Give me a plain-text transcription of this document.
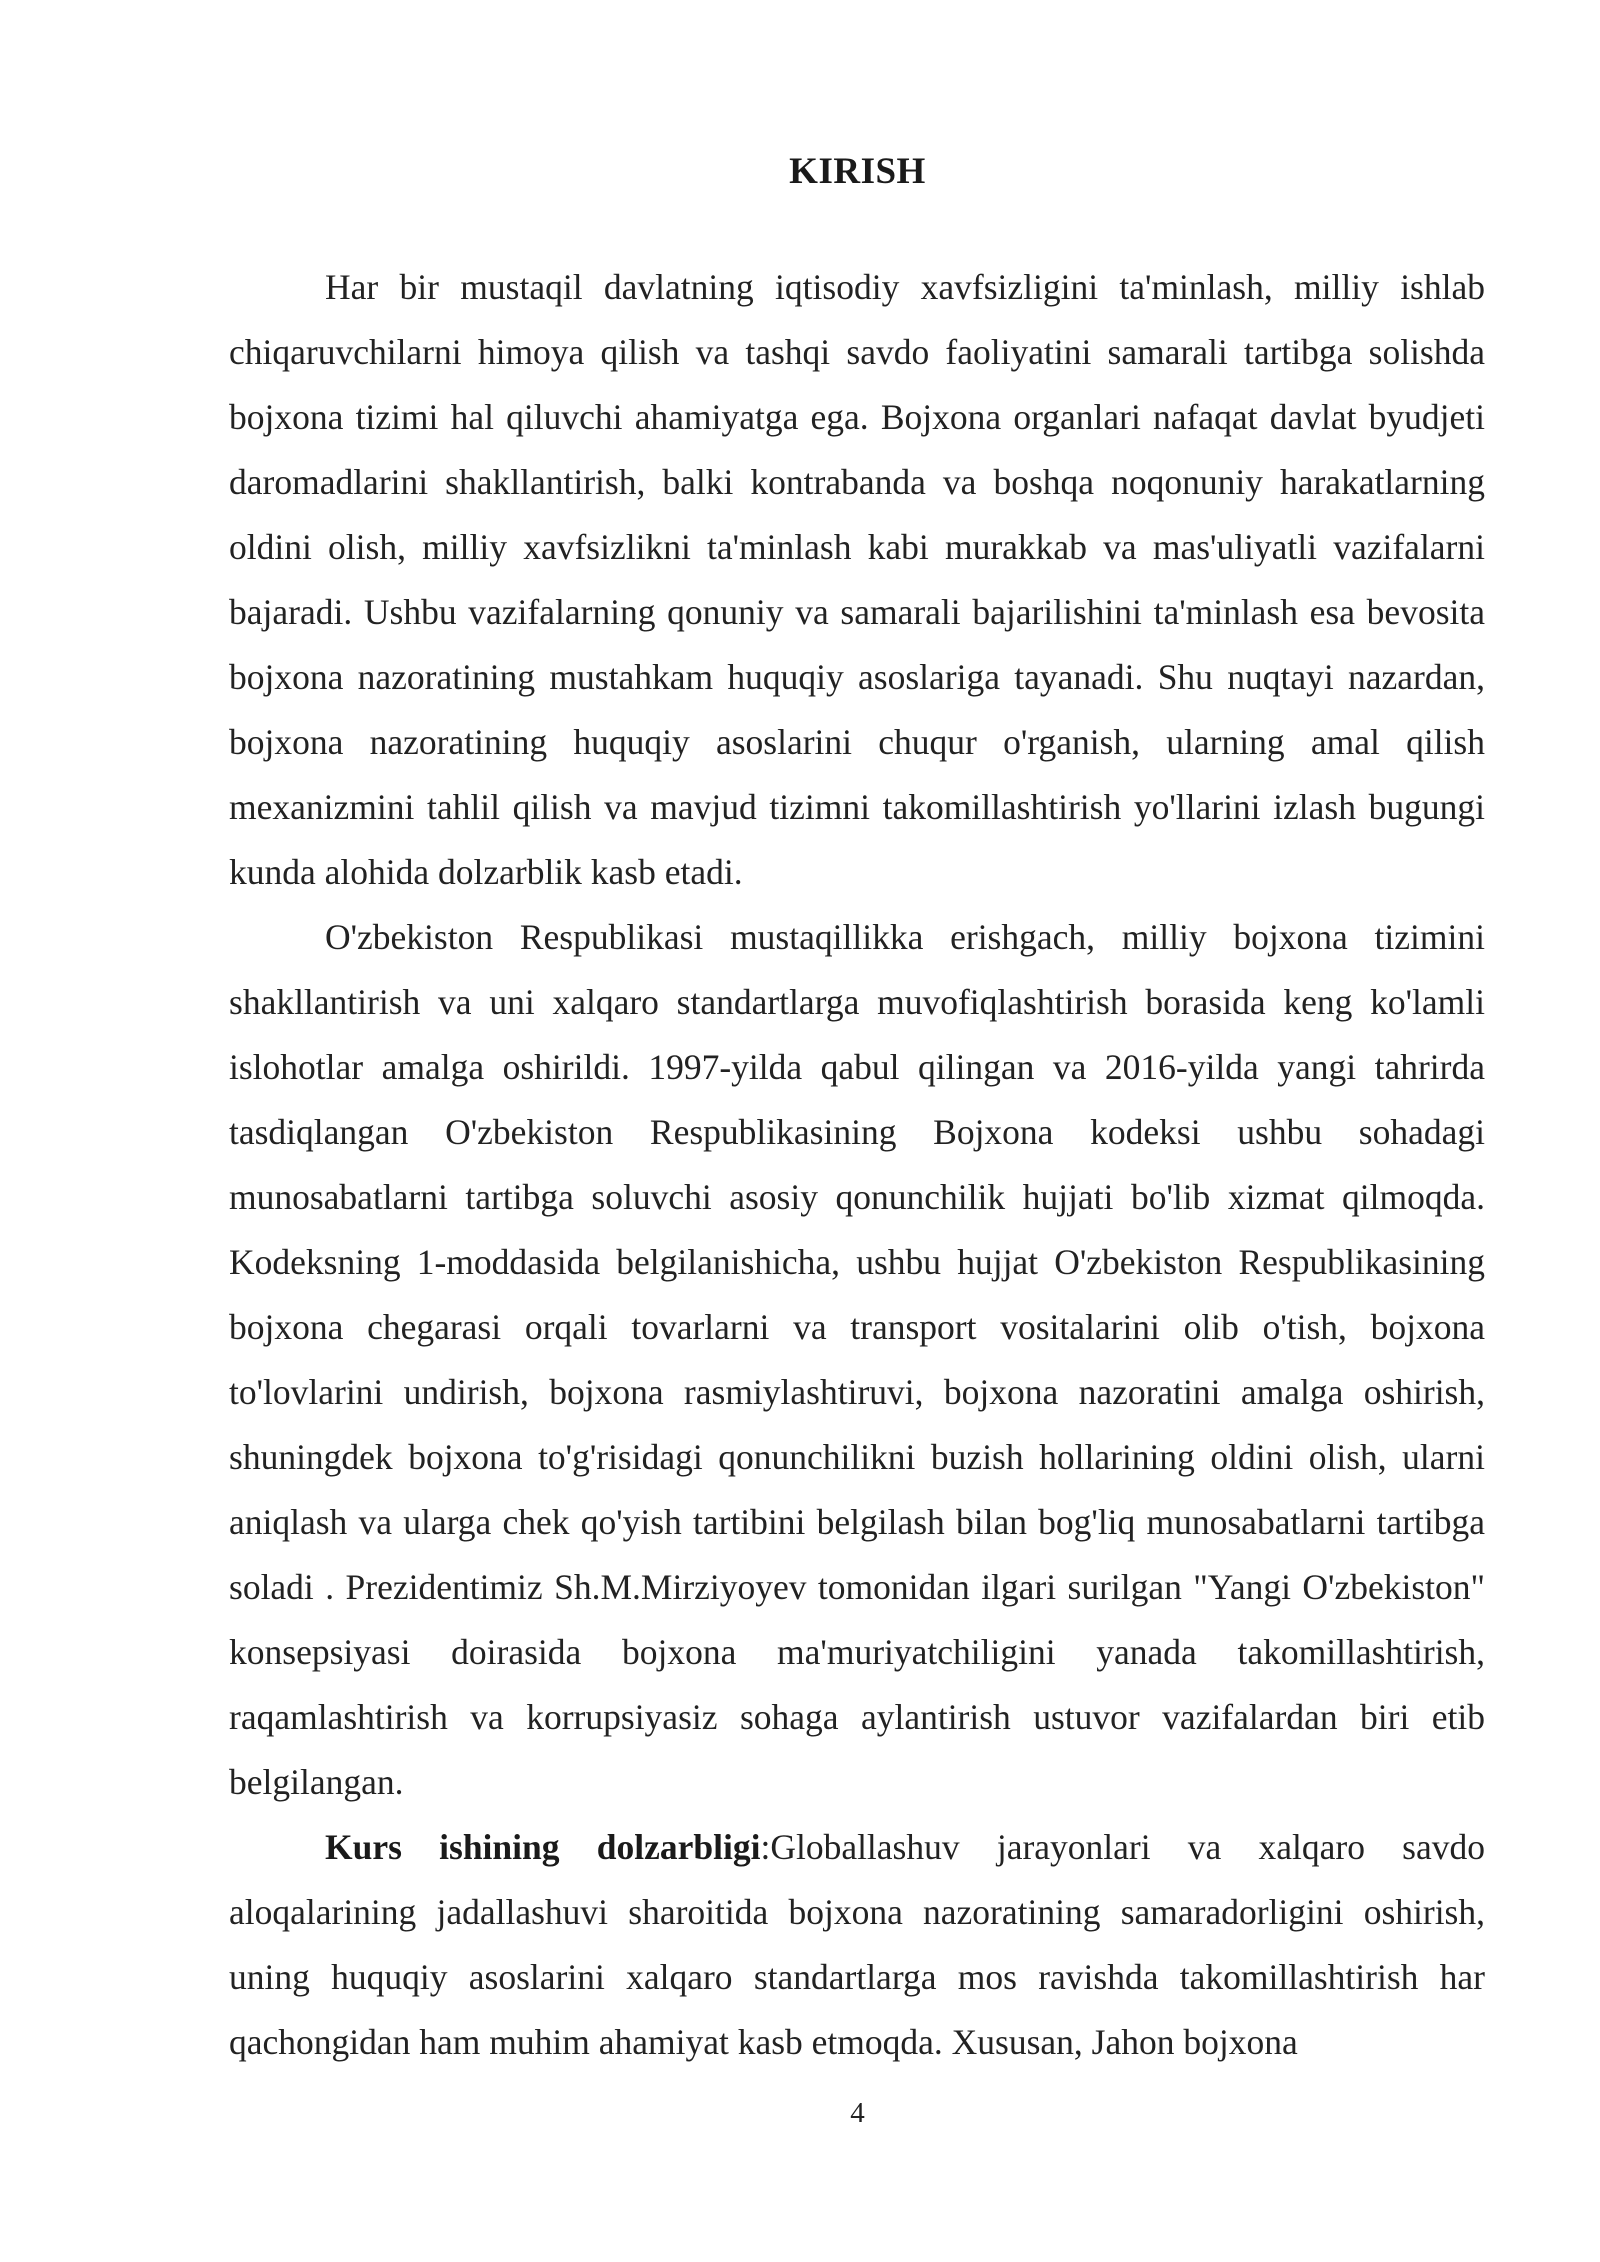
KIRISH

Har bir mustaqil davlatning iqtisodiy xavfsizligini ta'minlash, milliy ishlab chiqaruvchilarni himoya qilish va tashqi savdo faoliyatini samarali tartibga solishda bojxona tizimi hal qiluvchi ahamiyatga ega. Bojxona organlari nafaqat davlat byudjeti daromadlarini shakllantirish, balki kontrabanda va boshqa noqonuniy harakatlarning oldini olish, milliy xavfsizlikni ta'minlash kabi murakkab va mas'uliyatli vazifalarni bajaradi. Ushbu vazifalarning qonuniy va samarali bajarilishini ta'minlash esa bevosita bojxona nazoratining mustahkam huquqiy asoslariga tayanadi. Shu nuqtayi nazardan, bojxona nazoratining huquqiy asoslarini chuqur o'rganish, ularning amal qilish mexanizmini tahlil qilish va mavjud tizimni takomillashtirish yo'llarini izlash bugungi kunda alohida dolzarblik kasb etadi.

O'zbekiston Respublikasi mustaqillikka erishgach, milliy bojxona tizimini shakllantirish va uni xalqaro standartlarga muvofiqlashtirish borasida keng ko'lamli islohotlar amalga oshirildi. 1997-yilda qabul qilingan va 2016-yilda yangi tahrirda tasdiqlangan O'zbekiston Respublikasining Bojxona kodeksi ushbu sohadagi munosabatlarni tartibga soluvchi asosiy qonunchilik hujjati bo'lib xizmat qilmoqda. Kodeksning 1-moddasida belgilanishicha, ushbu hujjat O'zbekiston Respublikasining bojxona chegarasi orqali tovarlarni va transport vositalarini olib o'tish, bojxona to'lovlarini undirish, bojxona rasmiylashtiruvi, bojxona nazoratini amalga oshirish, shuningdek bojxona to'g'risidagi qonunchilikni buzish hollarining oldini olish, ularni aniqlash va ularga chek qo'yish tartibini belgilash bilan bog'liq munosabatlarni tartibga soladi . Prezidentimiz Sh.M.Mirziyoyev tomonidan ilgari surilgan "Yangi O'zbekiston" konsepsiyasi doirasida bojxona ma'muriyatchiligini yanada takomillashtirish, raqamlashtirish va korrupsiyasiz sohaga aylantirish ustuvor vazifalardan biri etib belgilangan.

Kurs ishining dolzarbligi:Globallashuv jarayonlari va xalqaro savdo aloqalarining jadallashuvi sharoitida bojxona nazoratining samaradorligini oshirish, uning huquqiy asoslarini xalqaro standartlarga mos ravishda takomillashtirish har qachongidan ham muhim ahamiyat kasb etmoqda. Xususan, Jahon bojxona

4
